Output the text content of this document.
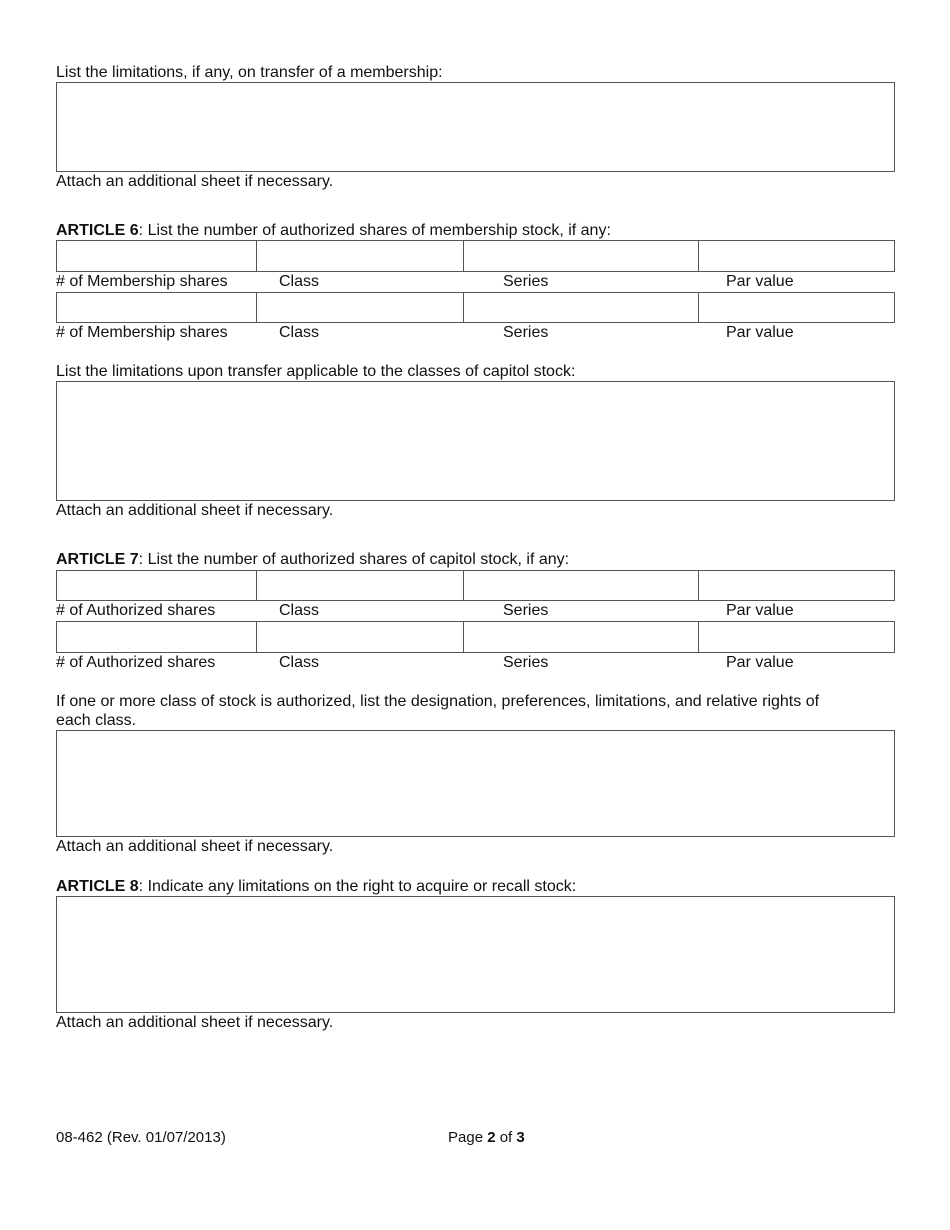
List the limitations, if any, on transfer of a membership:
Attach an additional sheet if necessary.
ARTICLE 6: List the number of authorized shares of membership stock, if any:
# of Membership shares	Class	Series	Par value
# of Membership shares	Class	Series	Par value
List the limitations upon transfer applicable to the classes of capitol stock:
Attach an additional sheet if necessary.
ARTICLE 7: List the number of authorized shares of capitol stock, if any:
# of Authorized shares	Class	Series	Par value
# of Authorized shares	Class	Series	Par value
If one or more class of stock is authorized, list the designation, preferences, limitations, and relative rights of
each class.
Attach an additional sheet if necessary.
ARTICLE 8: Indicate any limitations on the right to acquire or recall stock:
Attach an additional sheet if necessary.
08-462 (Rev. 01/07/2013)	Page 2 of 3
